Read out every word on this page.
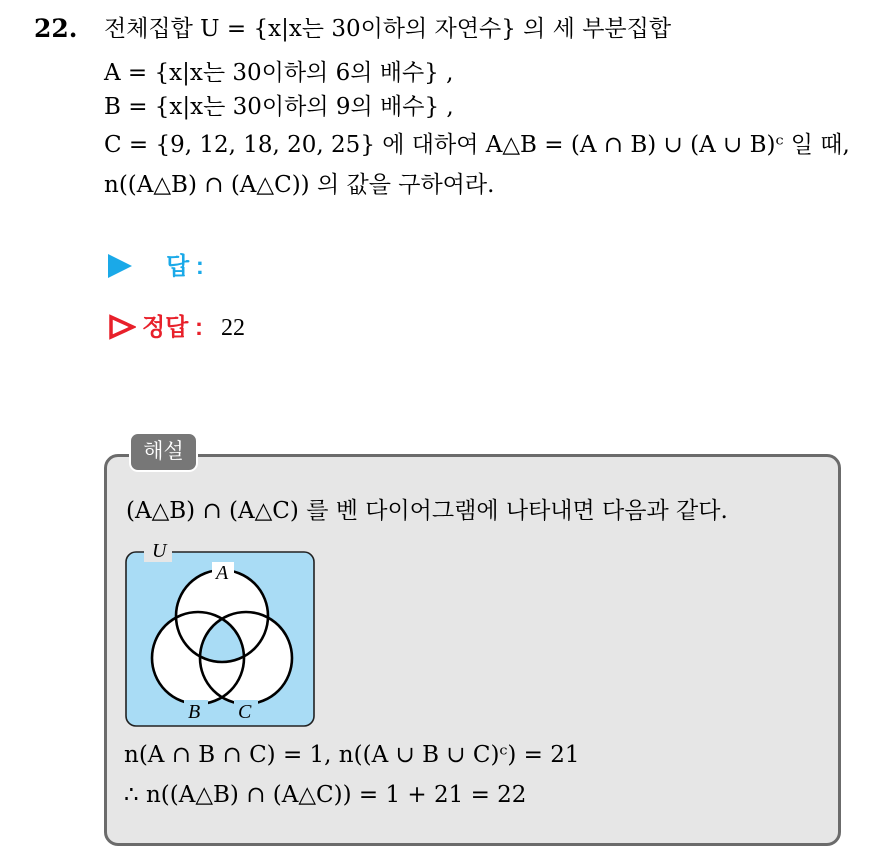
22. 전체집합 U = {x|x는 30이하의 자연수} 의 세 부분집합
A = {x|x는 30이하의 6의 배수} ,
B = {x|x는 30이하의 9의 배수} ,
C = {9, 12, 18, 20, 25} 에 대하여 A△B = (A ∩ B) ∪ (A ∪ B)ᶜ 일 때,
n((A△B) ∩ (A△C)) 의 값을 구하여라.
답 :
정답 : 22
해설
(A△B) ∩ (A△C) 를 벤 다이어그램에 나타내면 다음과 같다.
U
A
B C
n(A ∩ B ∩ C) = 1, n((A ∪ B ∪ C)ᶜ) = 21
∴ n((A△B) ∩ (A△C)) = 1 + 21 = 22
